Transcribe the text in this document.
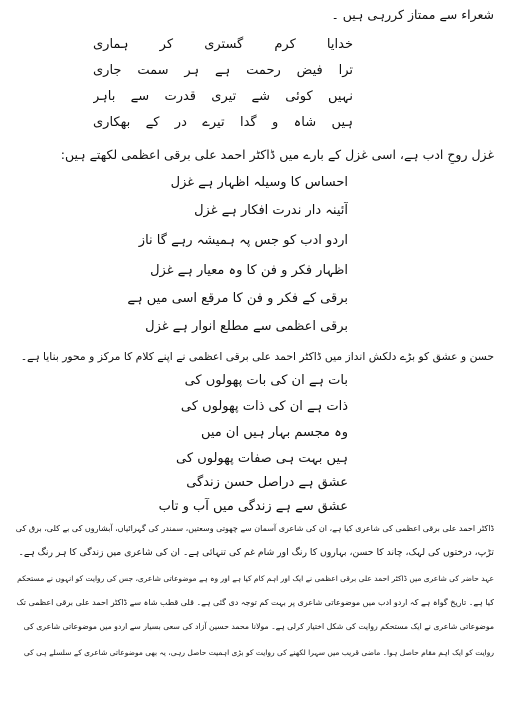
شعراء سے ممتاز کررہی ہیں ۔
خدایا کرم گستری کر ہماری
ترا فیض رحمت ہے ہر سمت جاری
نہیں کوئی شے تیری قدرت سے باہر
ہیں شاہ و گدا تیرے در کے بھکاری
غزل روحِ ادب ہے، اسی غزل کے بارے میں ڈاکٹر احمد علی برقی اعظمی لکھتے ہیں:
احساس کا وسیلہ اظہار ہے غزل
آئینہ دار ندرت افکار ہے غزل
اردو ادب کو جس پہ ہمیشہ رہے گا ناز
اظہار فکر و فن کا وہ معیار ہے غزل
برقی کے فکر و فن کا مرقع اسی میں ہے
برقی اعظمی سے مطلع انوار ہے غزل
حسن و عشق کو بڑے دلکش انداز میں ڈاکٹر احمد علی برقی اعظمی نے اپنے کلام کا مرکز و محور بنایا ہے۔
بات ہے ان کی بات پھولوں کی
ذات ہے ان کی ذات پھولوں کی
وہ مجسم بہار ہیں ان میں
ہیں بہت ہی صفات پھولوں کی
عشق ہے دراصل حسن زندگی
عشق سے ہے زندگی میں آب و تاب
ڈاکٹر احمد علی برقی اعظمی کی شاعری کیا ہے، ان کی شاعری آسمان سے چھوتی وسعتیں، سمندر کی گہرائیاں، آبشاروں کی بے کلی، برق کی
تڑپ، درختوں کی لہک، چاند کا حسن، بہاروں کا رنگ اور شام غم کی تنہائی ہے۔ ان کی شاعری میں زندگی کا ہر رنگ ہے۔
عہد حاضر کی شاعری میں ڈاکٹر احمد علی برقی اعظمی نے ایک اور اہم کام کیا ہے اور وہ ہے موضوعاتی شاعری، جس کی روایت کو انہوں نے مستحکم
کیا ہے۔ تاریخ گواہ ہے کہ اردو ادب میں موضوعاتی شاعری پر بہت کم توجہ دی گئی ہے۔ قلی قطب شاہ سے ڈاکٹر احمد علی برقی اعظمی تک
موضوعاتی شاعری نے ایک مستحکم روایت کی شکل اختیار کرلی ہے۔ مولانا محمد حسین آزاد کی سعی بسیار سے اردو میں موضوعاتی شاعری کی
روایت کو ایک اہم مقام حاصل ہوا۔ ماضی قریب میں سہرا لکھنے کی روایت کو بڑی اہمیت حاصل رہی، یہ بھی موضوعاتی شاعری کے سلسلے ہی کی
